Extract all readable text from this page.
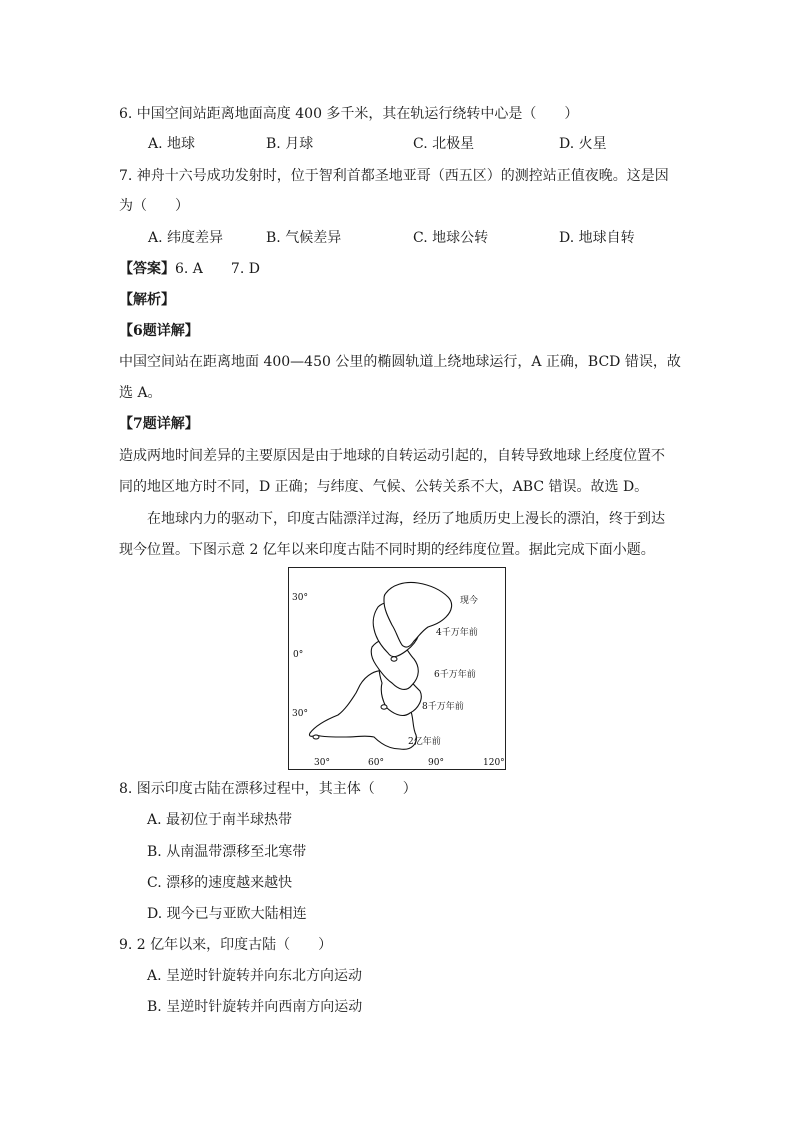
6. 中国空间站距离地面高度 400 多千米，其在轨运行绕转中心是（　　）
A. 地球	B. 月球	C. 北极星	D. 火星
7. 神舟十六号成功发射时，位于智利首都圣地亚哥（西五区）的测控站正值夜晚。这是因
为（　　）
A. 纬度差异	B. 气候差异	C. 地球公转	D. 地球自转
【答案】6. A　　7. D
【解析】
【6题详解】
中国空间站在距离地面 400—450 公里的椭圆轨道上绕地球运行，A 正确，BCD 错误，故
选 A。
【7题详解】
造成两地时间差异的主要原因是由于地球的自转运动引起的，自转导致地球上经度位置不
同的地区地方时不同，D 正确；与纬度、气候、公转关系不大，ABC 错误。故选 D。
在地球内力的驱动下，印度古陆漂洋过海，经历了地质历史上漫长的漂泊，终于到达
现今位置。下图示意 2 亿年以来印度古陆不同时期的经纬度位置。据此完成下面小题。
30°
0°
30°
30°	60°	90°	120°
现今
4千万年前
6千万年前
8千万年前
2亿年前
8. 图示印度古陆在漂移过程中，其主体（　　）
A. 最初位于南半球热带
B. 从南温带漂移至北寒带
C. 漂移的速度越来越快
D. 现今已与亚欧大陆相连
9. 2 亿年以来，印度古陆（　　）
A. 呈逆时针旋转并向东北方向运动
B. 呈逆时针旋转并向西南方向运动
